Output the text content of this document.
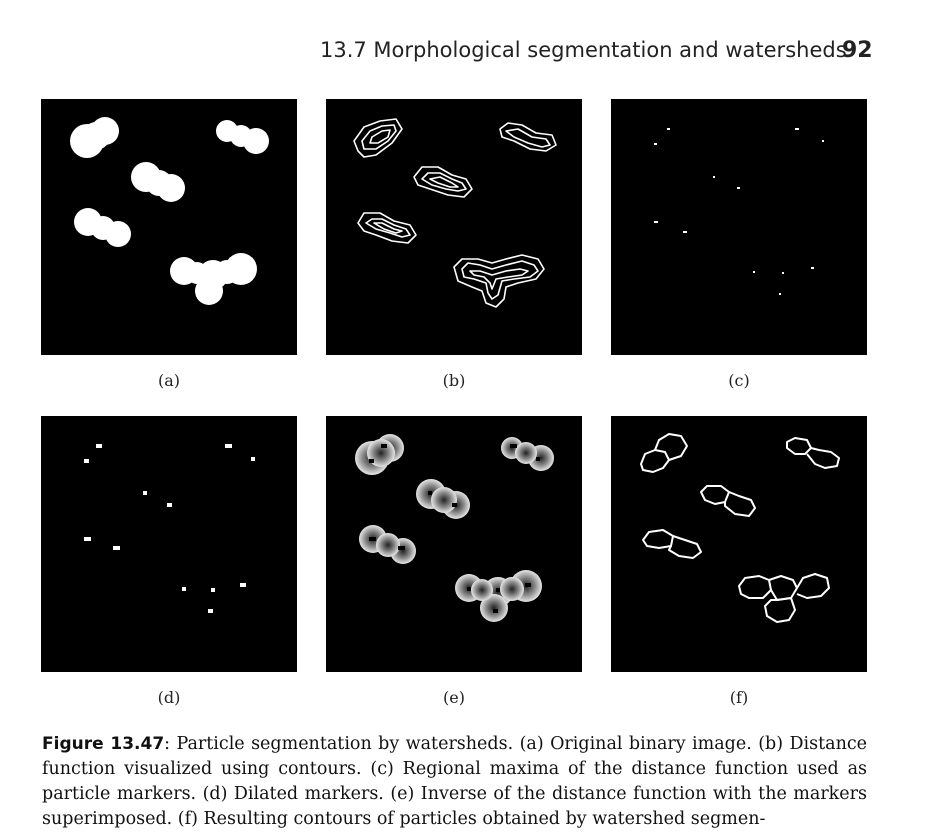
13.7 Morphological segmentation and watersheds
92
(a)	(b)	(c)
(d)	(e)	(f)
Figure 13.47: Particle segmentation by watersheds. (a) Original binary image. (b) Distance function visualized using contours. (c) Regional maxima of the distance function used as particle markers. (d) Dilated markers. (e) Inverse of the distance function with the markers superimposed. (f) Resulting contours of particles obtained by watershed segmen-
